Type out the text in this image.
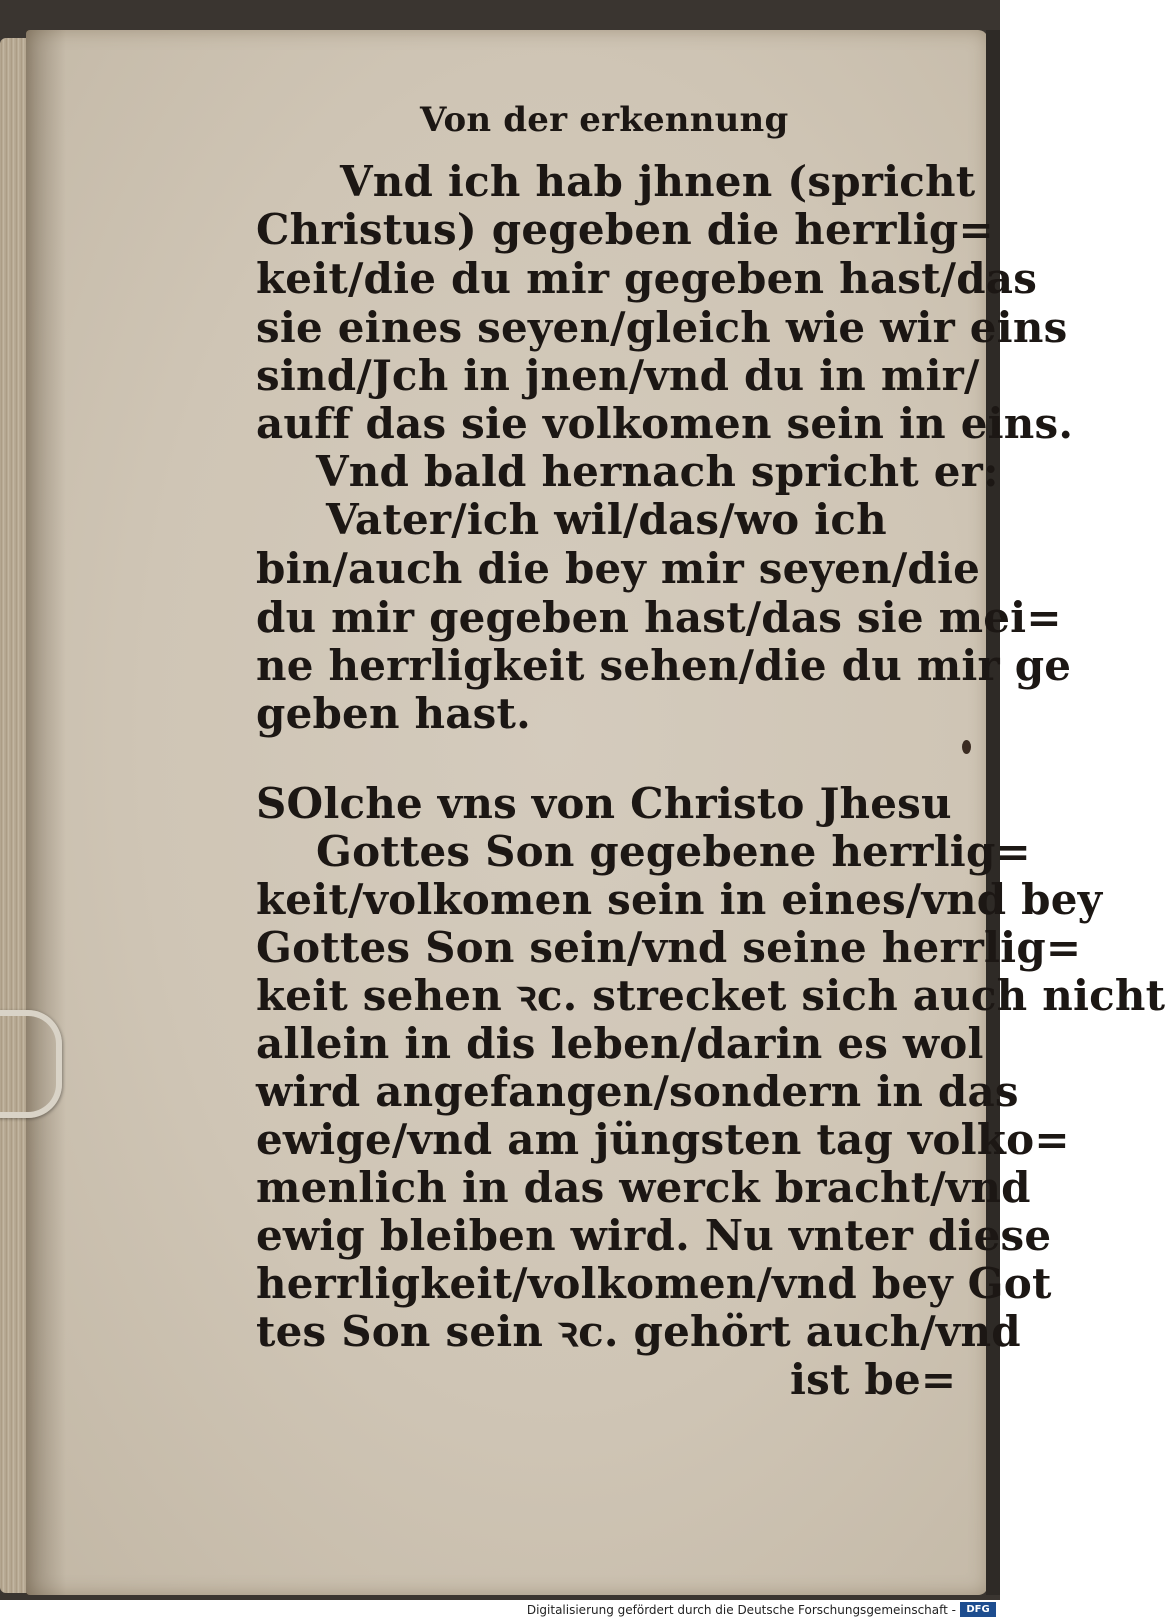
Von der erkennung
Vnd ich hab jhnen (spricht
Christus) gegeben die herrlig=
keit/die du mir gegeben hast/das
sie eines seyen/gleich wie wir eins
sind/Jch in jnen/vnd du in mir/
auff das sie volkomen sein in eins.
Vnd bald hernach spricht er:
Vater/ich wil/das/wo ich
bin/auch die bey mir seyen/die
du mir gegeben hast/das sie mei=
ne herrligkeit sehen/die du mir ge
geben hast.
SOlche vns von Christo Jhesu
Gottes Son gegebene herrlig=
keit/volkomen sein in eines/vnd bey
Gottes Son sein/vnd seine herrlig=
keit sehen ꝛc. strecket sich auch nicht
allein in dis leben/darin es wol
wird angefangen/sondern in das
ewige/vnd am jüngsten tag volko=
menlich in das werck bracht/vnd
ewig bleiben wird. Nu vnter diese
herrligkeit/volkomen/vnd bey Got
tes Son sein ꝛc. gehört auch/vnd
ist be=
Digitalisierung gefördert durch die Deutsche Forschungsgemeinschaft -	DFG
